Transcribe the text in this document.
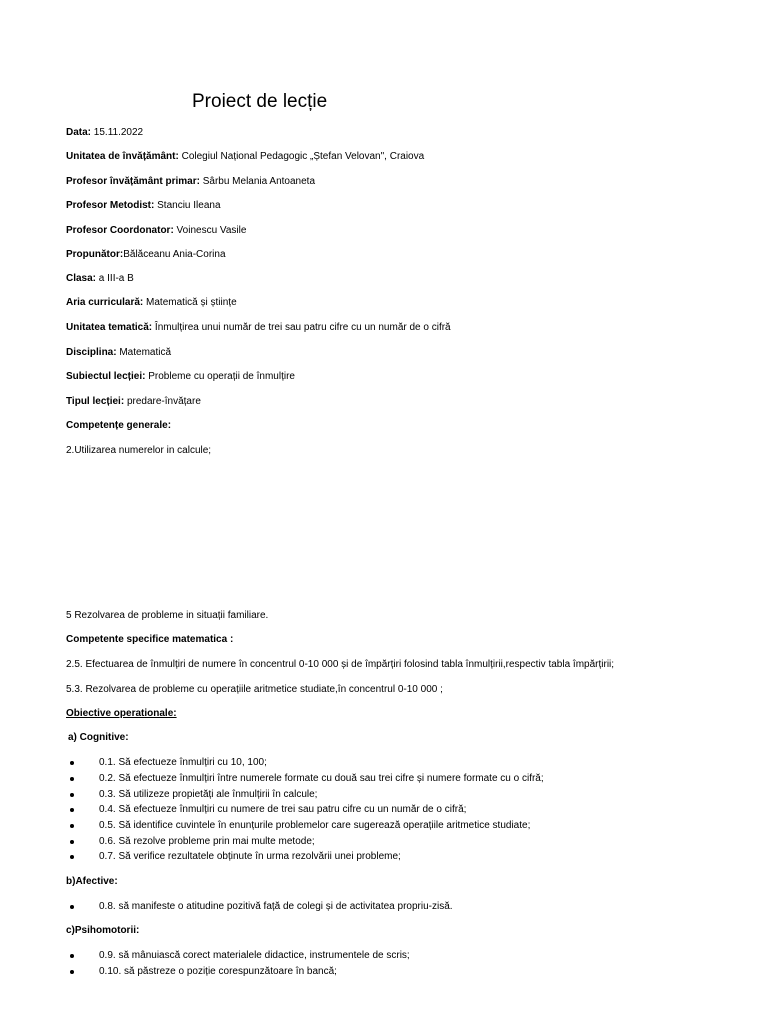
Proiect de lecție
Data: 15.11.2022
Unitatea de învățământ: Colegiul Național Pedagogic „Ștefan Velovan", Craiova
Profesor învățământ primar: Sârbu Melania Antoaneta
Profesor Metodist: Stanciu Ileana
Profesor Coordonator: Voinescu Vasile
Propunător:Bălăceanu Ania-Corina
Clasa: a III-a B
Aria curriculară: Matematică și științe
Unitatea tematică: Înmulțirea unui număr de trei sau patru cifre cu un număr de o cifră
Disciplina: Matematică
Subiectul lecției: Probleme cu operații de înmulțire
Tipul lecției: predare-învățare
Competențe generale:
2.Utilizarea numerelor in calcule;
5 Rezolvarea de probleme in situații familiare.
Competente specifice matematica :
2.5. Efectuarea de înmulțiri de numere în concentrul 0-10 000 și de împărțiri folosind tabla înmulțirii,respectiv tabla împărțirii;
5.3. Rezolvarea de probleme cu operațiile aritmetice studiate,în concentrul 0-10 000 ;
Obiective operationale:
a) Cognitive:
0.1. Să efectueze înmulțiri cu 10, 100;
0.2. Să efectueze înmulțiri între numerele formate cu două sau trei cifre și numere formate cu o cifră;
0.3. Să utilizeze propietăți ale înmulțirii în calcule;
0.4. Să efectueze înmulțiri cu numere de trei sau patru cifre cu un număr de o cifră;
0.5. Să identifice cuvintele în enunțurile problemelor care sugerează operațiile aritmetice studiate;
0.6. Să rezolve probleme prin mai multe metode;
0.7. Să verifice rezultatele obținute în urma rezolvării unei probleme;
b)Afective:
0.8. să manifeste o atitudine pozitivă față de colegi și de activitatea propriu-zisă.
c)Psihomotorii:
0.9. să mânuiască corect materialele didactice, instrumentele de scris;
0.10. să păstreze o poziție corespunzătoare în bancă;
